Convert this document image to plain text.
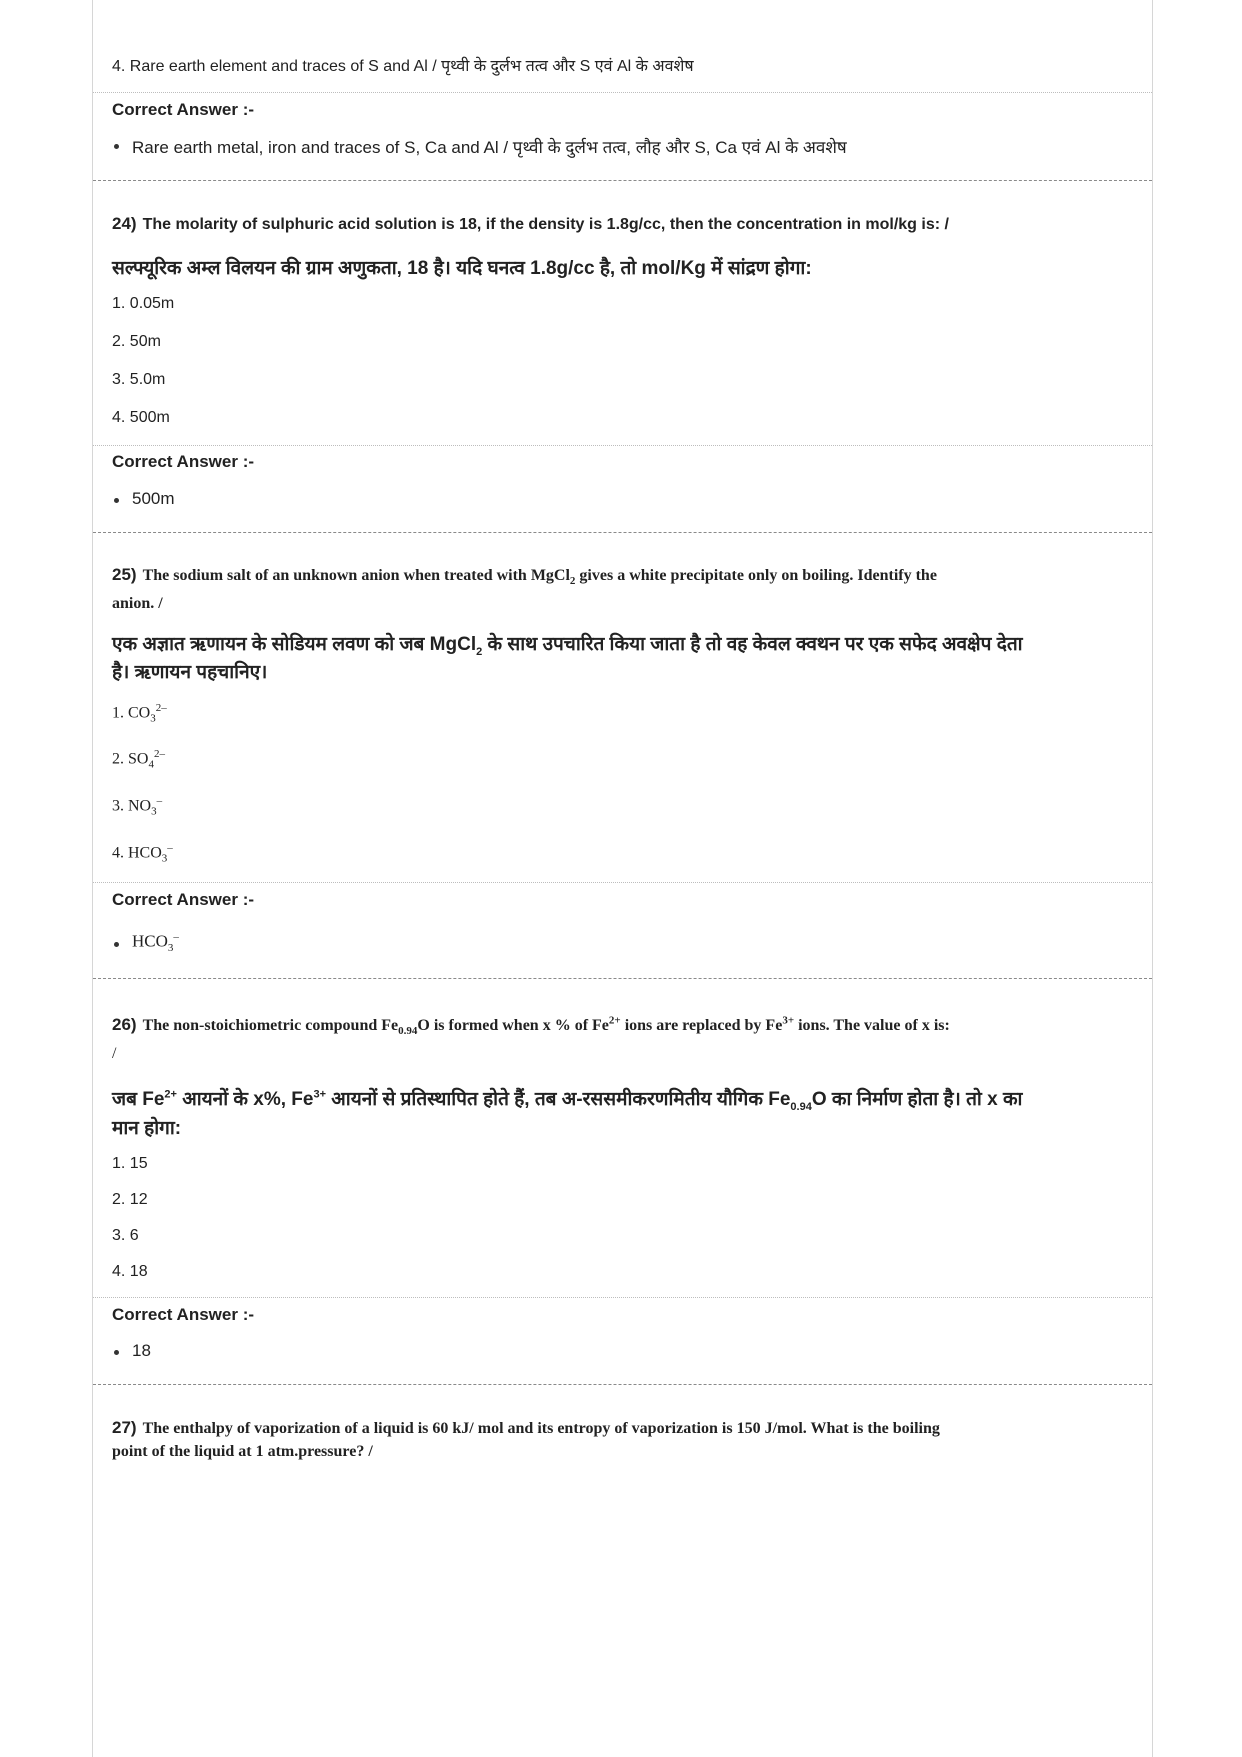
4. Rare earth element and traces of S and Al / पृथ्वी के दुर्लभ तत्व और S एवं Al के अवशेष
Correct Answer :-
Rare earth metal, iron and traces of S, Ca and Al / पृथ्वी के दुर्लभ तत्व, लौह और S, Ca एवं Al के अवशेष
24) The molarity of sulphuric acid solution is 18, if the density is 1.8g/cc, then the concentration in mol/kg is: /
सल्फ्यूरिक अम्ल विलयन की ग्राम अणुकता, 18 है। यदि घनत्व 1.8g/cc है, तो mol/Kg में सांद्रण होगा:
1. 0.05m
2. 50m
3. 5.0m
4. 500m
Correct Answer :-
500m
25) The sodium salt of an unknown anion when treated with MgCl$_2$ gives a white precipitate only on boiling. Identify the
anion. /
एक अज्ञात ऋणायन के सोडियम लवण को जब MgCl$_2$ के साथ उपचारित किया जाता है तो वह केवल क्वथन पर एक सफेद अवक्षेप देता
है। ऋणायन पहचानिए।
1. $CO_3^{2-}$
2. $SO_4^{2-}$
3. $NO_3^-$
4. $HCO_3^-$
Correct Answer :-
$HCO_3^-$
26) The non-stoichiometric compound $Fe_{0.94}O$ is formed when x % of $Fe^{2+}$ ions are replaced by $Fe^{3+}$ ions. The value of x is:
/
जब $Fe^{2+}$ आयनों के x%, $Fe^{3+}$ आयनों से प्रतिस्थापित होते हैं, तब अ-रससमीकरणमितीय यौगिक $Fe_{0.94}O$ का निर्माण होता है। तो x का
मान होगा:
1. 15
2. 12
3. 6
4. 18
Correct Answer :-
18
27) The enthalpy of vaporization of a liquid is 60 kJ/ mol and its entropy of vaporization is 150 J/mol. What is the boiling
point of the liquid at 1 atm.pressure? /
